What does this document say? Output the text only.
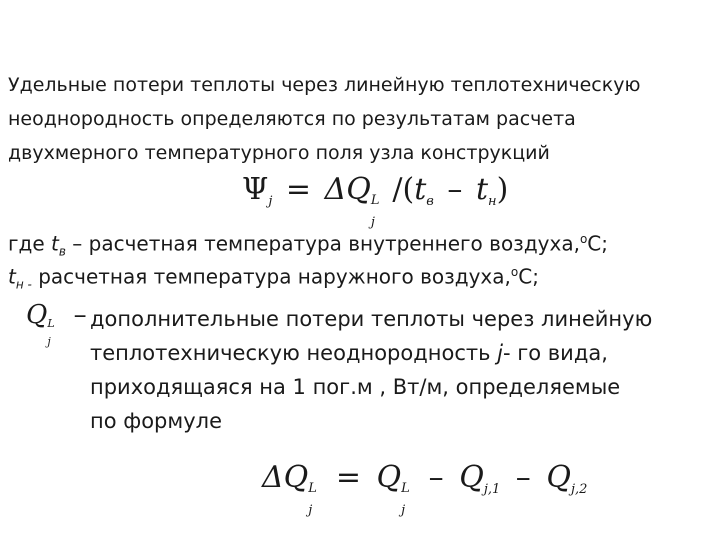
Удельные потери теплоты через линейную теплотехническую
неоднородность определяются по результатам расчета
двухмерного температурного поля узла конструкций
$\Psi_j = \Delta Q$ L
j
$/(t_в - t_н)$
где $t_в$ – расчетная температура внутреннего воздуха,$^о$С;
$t_{н -}$ расчетная температура наружного воздуха,$^о$С;
Q L
j
– дополнительные потери теплоты через линейную
теплотехническую неоднородность j- го вида,
приходящаяся на 1 пог.м , Вт/м, определяемые
по формуле
ΔQ L
j
= Q L
j
– $Q_{j,1} - Q_{j,2}$
